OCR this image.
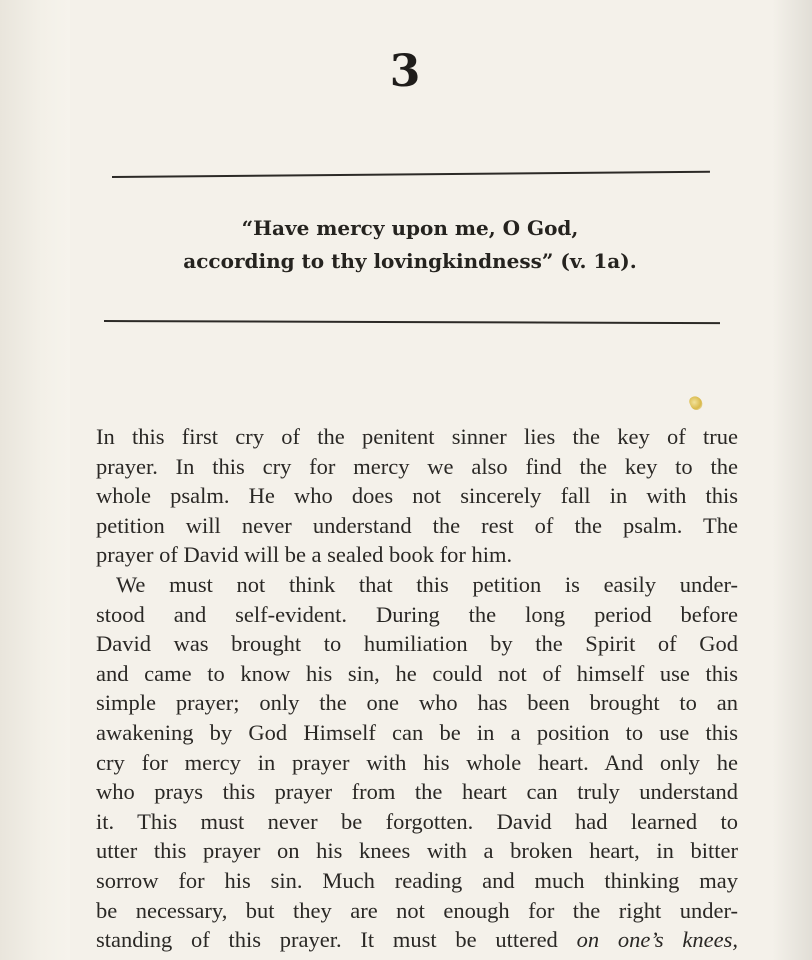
3
“Have mercy upon me, O God,
according to thy lovingkindness” (v. 1a).
In this first cry of the penitent sinner lies the key of true
prayer. In this cry for mercy we also find the key to the
whole psalm. He who does not sincerely fall in with this
petition will never understand the rest of the psalm. The
prayer of David will be a sealed book for him.
We must not think that this petition is easily under-
stood and self-evident. During the long period before
David was brought to humiliation by the Spirit of God
and came to know his sin, he could not of himself use this
simple prayer; only the one who has been brought to an
awakening by God Himself can be in a position to use this
cry for mercy in prayer with his whole heart. And only he
who prays this prayer from the heart can truly understand
it. This must never be forgotten. David had learned to
utter this prayer on his knees with a broken heart, in bitter
sorrow for his sin. Much reading and much thinking may
be necessary, but they are not enough for the right under-
standing of this prayer. It must be uttered on one’s knees,
